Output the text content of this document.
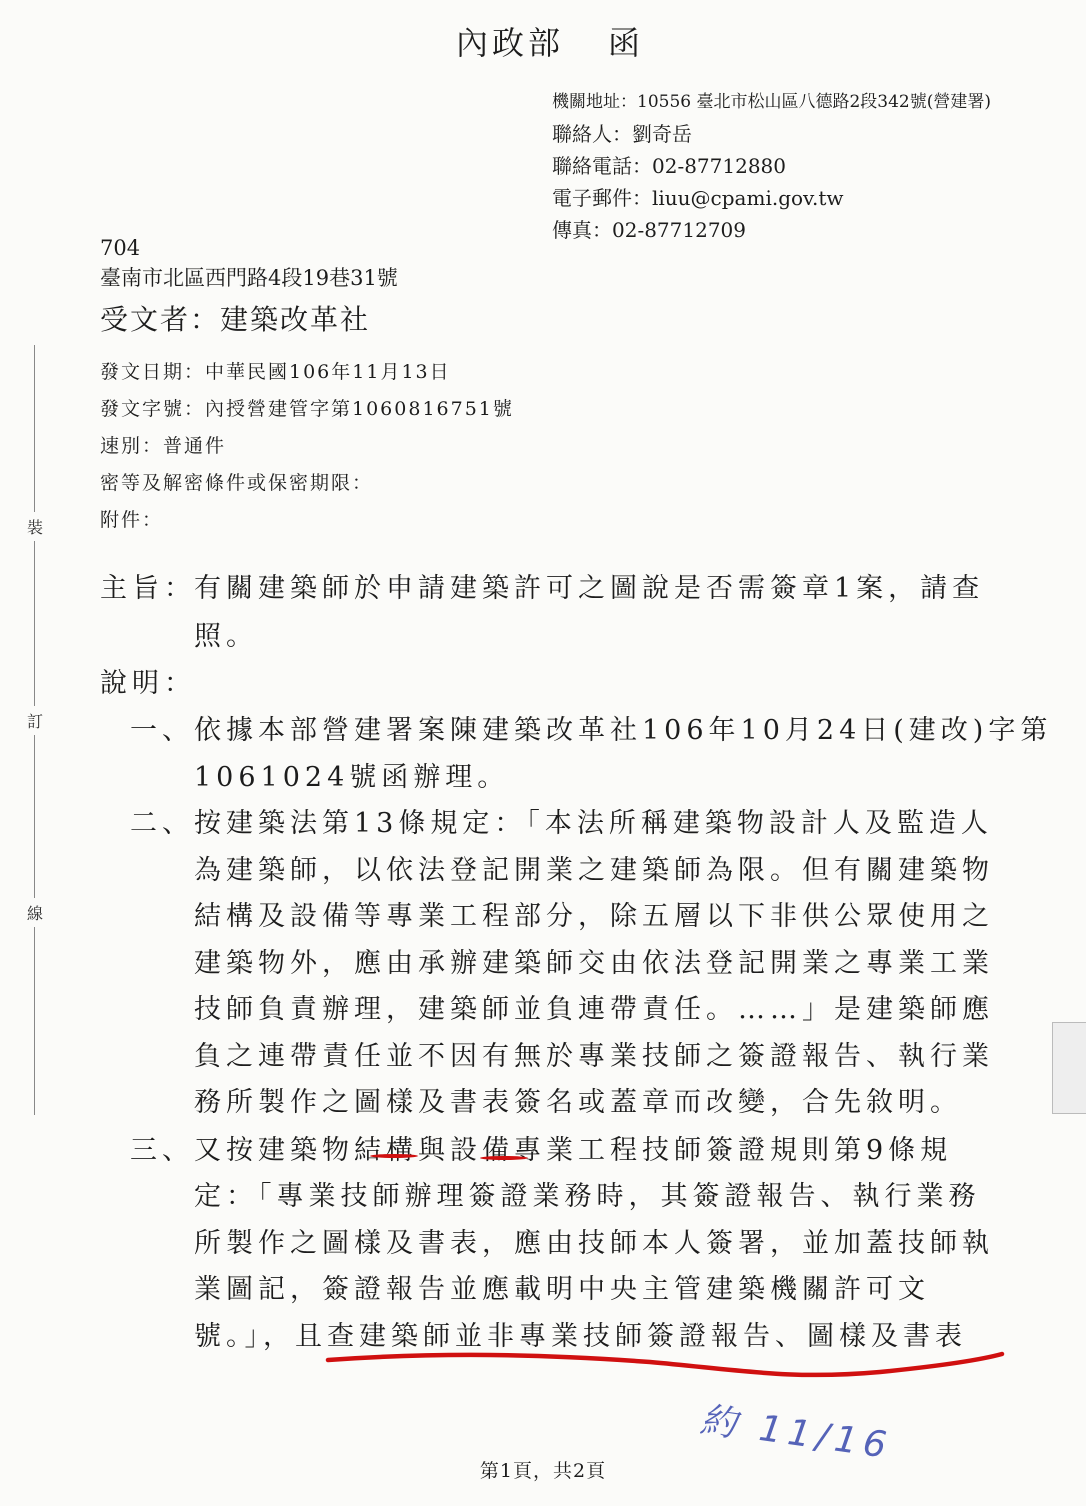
內政部 函
機關地址：10556 臺北市松山區八德路2段342號(營建署)
聯絡人：劉奇岳
聯絡電話：02-87712880
電子郵件：liuu@cpami.gov.tw
傳真：02-87712709
704
臺南市北區西門路4段19巷31號
受文者：建築改革社
發文日期：中華民國106年11月13日
發文字號：內授營建管字第1060816751號
速別：普通件
密等及解密條件或保密期限：
附件：
裝
訂
線
主旨：
有關建築師於申請建築許可之圖說是否需簽章1案，請查
照。
說明：
一、 依據本部營建署案陳建築改革社106年10月24日(建改)字第
1061024號函辦理。
二、 按建築法第13條規定：「本法所稱建築物設計人及監造人
為建築師，以依法登記開業之建築師為限。但有關建築物
結構及設備等專業工程部分，除五層以下非供公眾使用之
建築物外，應由承辦建築師交由依法登記開業之專業工業
技師負責辦理，建築師並負連帶責任。……」是建築師應
負之連帶責任並不因有無於專業技師之簽證報告、執行業
務所製作之圖樣及書表簽名或蓋章而改變，合先敘明。
三、 又按建築物結構與設備專業工程技師簽證規則第9條規
定：「專業技師辦理簽證業務時，其簽證報告、執行業務
所製作之圖樣及書表，應由技師本人簽署，並加蓋技師執
業圖記，簽證報告並應載明中央主管建築機關許可文
號。」，且查建築師並非專業技師簽證報告、圖樣及書表
約 11/16
第1頁，共2頁
